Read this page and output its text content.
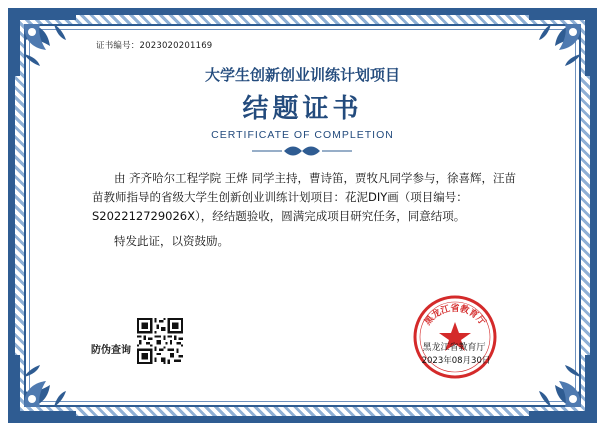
证书编号：2023020201169
大学生创新创业训练计划项目
结题证书
CERTIFICATE OF COMPLETION

由 齐齐哈尔工程学院 王烨 同学主持，曹诗笛，贾牧凡同学参与，徐喜辉，汪苗苗教师指导的省级大学生创新创业训练计划项目：花泥DIY画（项目编号：S202212729026X），经结题验收，圆满完成项目研究任务，同意结项。

特发此证，以资鼓励。

防伪查询
黑龙江省教育厅
黑龙江省教育厅
2023年08月30日
